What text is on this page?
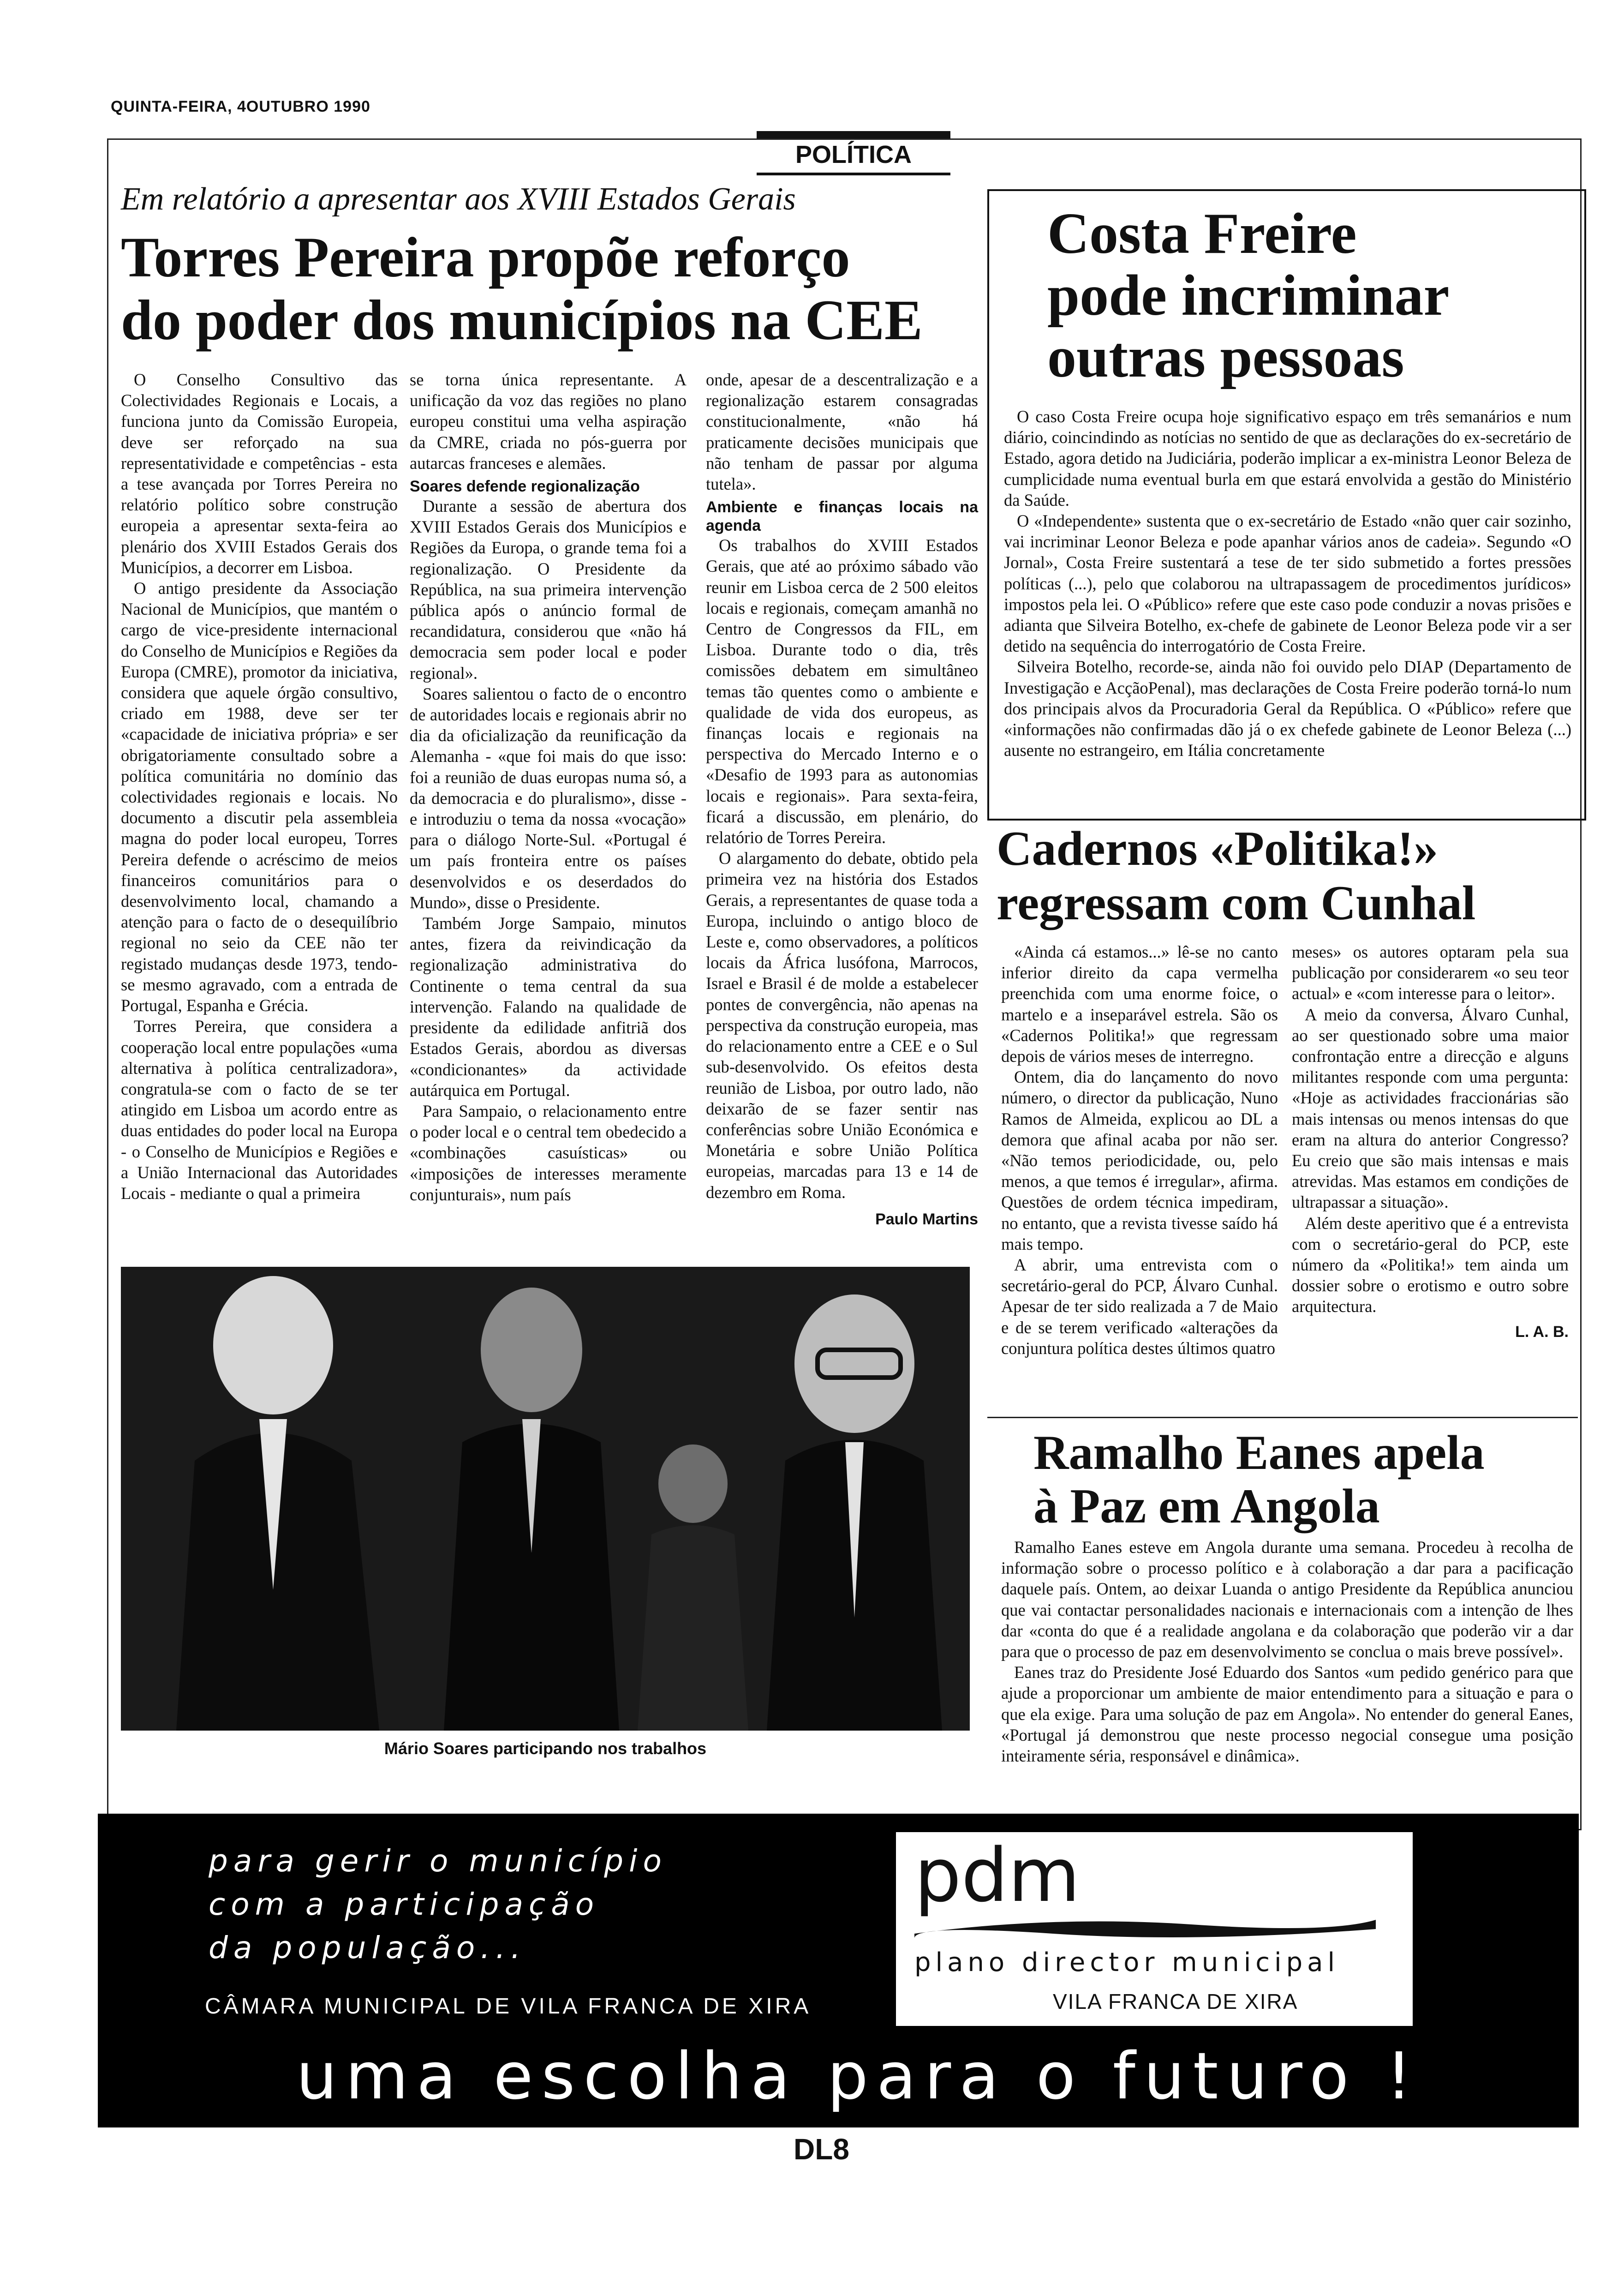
QUINTA-FEIRA, 4OUTUBRO 1990
POLÍTICA
Em relatório a apresentar aos XVIII Estados Gerais
Torres Pereira propõe reforço
do poder dos municípios na CEE

O Conselho Consultivo das Colectividades Regionais e Locais, a funciona junto da Comissão Europeia, deve ser reforçado na sua representatividade e competências - esta a tese avançada por Torres Pereira no relatório político sobre construção europeia a apresentar sexta-feira ao plenário dos XVIII Estados Gerais dos Municípios, a decorrer em Lisboa.

O antigo presidente da Associação Nacional de Municípios, que mantém o cargo de vice-presidente internacional do Conselho de Municípios e Regiões da Europa (CMRE), promotor da iniciativa, considera que aquele órgão consultivo, criado em 1988, deve ser ter «capacidade de iniciativa própria» e ser obrigatoriamente consultado sobre a política comunitária no domínio das colectividades regionais e locais. No documento a discutir pela assembleia magna do poder local europeu, Torres Pereira defende o acréscimo de meios financeiros comunitários para o desenvolvimento local, chamando a atenção para o facto de o desequilíbrio regional no seio da CEE não ter registado mudanças desde 1973, tendo-se mesmo agravado, com a entrada de Portugal, Espanha e Grécia.

Torres Pereira, que considera a cooperação local entre populações «uma alternativa à política centralizadora», congratula-se com o facto de se ter atingido em Lisboa um acordo entre as duas entidades do poder local na Europa - o Conselho de Municípios e Regiões e a União Internacional das Autoridades Locais - mediante o qual a primeira

se torna única representante. A unificação da voz das regiões no plano europeu constitui uma velha aspiração da CMRE, criada no pós-guerra por autarcas franceses e alemães.

Soares defende regionalização

Durante a sessão de abertura dos XVIII Estados Gerais dos Municípios e Regiões da Europa, o grande tema foi a regionalização. O Presidente da República, na sua primeira intervenção pública após o anúncio formal de recandidatura, considerou que «não há democracia sem poder local e poder regional».

Soares salientou o facto de o encontro de autoridades locais e regionais abrir no dia da oficialização da reunificação da Alemanha - «que foi mais do que isso: foi a reunião de duas europas numa só, a da democracia e do pluralismo», disse - e introduziu o tema da nossa «vocação» para o diálogo Norte-Sul. «Portugal é um país fronteira entre os países desenvolvidos e os deserdados do Mundo», disse o Presidente.

Também Jorge Sampaio, minutos antes, fizera da reivindicação da regionalização administrativa do Continente o tema central da sua intervenção. Falando na qualidade de presidente da edilidade anfitriã dos Estados Gerais, abordou as diversas «condicionantes» da actividade autárquica em Portugal.

Para Sampaio, o relacionamento entre o poder local e o central tem obedecido a «combinações casuísticas» ou «imposições de interesses meramente conjunturais», num país

onde, apesar de a descentralização e a regionalização estarem consagradas constitucionalmente, «não há praticamente decisões municipais que não tenham de passar por alguma tutela».

Ambiente e finanças locais na agenda

Os trabalhos do XVIII Estados Gerais, que até ao próximo sábado vão reunir em Lisboa cerca de 2 500 eleitos locais e regionais, começam amanhã no Centro de Congressos da FIL, em Lisboa. Durante todo o dia, três comissões debatem em simultâneo temas tão quentes como o ambiente e qualidade de vida dos europeus, as finanças locais e regionais na perspectiva do Mercado Interno e o «Desafio de 1993 para as autonomias locais e regionais». Para sexta-feira, ficará a discussão, em plenário, do relatório de Torres Pereira.

O alargamento do debate, obtido pela primeira vez na história dos Estados Gerais, a representantes de quase toda a Europa, incluindo o antigo bloco de Leste e, como observadores, a políticos locais da África lusófona, Marrocos, Israel e Brasil é de molde a estabelecer pontes de convergência, não apenas na perspectiva da construção europeia, mas do relacionamento entre a CEE e o Sul sub-desenvolvido. Os efeitos desta reunião de Lisboa, por outro lado, não deixarão de se fazer sentir nas conferências sobre União Económica e Monetária e sobre União Política europeias, marcadas para 13 e 14 de dezembro em Roma.

Paulo Martins
Mário Soares participando nos trabalhos
Costa Freire
pode incriminar
outras pessoas

O caso Costa Freire ocupa hoje significativo espaço em três semanários e num diário, coincindindo as notícias no sentido de que as declarações do ex-secretário de Estado, agora detido na Judiciária, poderão implicar a ex-ministra Leonor Beleza de cumplicidade numa eventual burla em que estará envolvida a gestão do Ministério da Saúde.

O «Independente» sustenta que o ex-secretário de Estado «não quer cair sozinho, vai incriminar Leonor Beleza e pode apanhar vários anos de cadeia». Segundo «O Jornal», Costa Freire sustentará a tese de ter sido submetido a fortes pressões políticas (...), pelo que colaborou na ultrapassagem de procedimentos jurídicos» impostos pela lei. O «Público» refere que este caso pode conduzir a novas prisões e adianta que Silveira Botelho, ex-chefe de gabinete de Leonor Beleza pode vir a ser detido na sequência do interrogatório de Costa Freire.

Silveira Botelho, recorde-se, ainda não foi ouvido pelo DIAP (Departamento de Investigação e AcçãoPenal), mas declarações de Costa Freire poderão torná-lo num dos principais alvos da Procuradoria Geral da República. O «Público» refere que «informações não confirmadas dão já o ex chefede gabinete de Leonor Beleza (...) ausente no estrangeiro, em Itália concretamente

Cadernos «Politika!»
regressam com Cunhal

«Ainda cá estamos...» lê-se no canto inferior direito da capa vermelha preenchida com uma enorme foice, o martelo e a inseparável estrela. São os «Cadernos Politika!» que regressam depois de vários meses de interregno.

Ontem, dia do lançamento do novo número, o director da publicação, Nuno Ramos de Almeida, explicou ao DL a demora que afinal acaba por não ser. «Não temos periodicidade, ou, pelo menos, a que temos é irregular», afirma. Questões de ordem técnica impediram, no entanto, que a revista tivesse saído há mais tempo.

A abrir, uma entrevista com o secretário-geral do PCP, Álvaro Cunhal. Apesar de ter sido realizada a 7 de Maio e de se terem verificado «alterações da conjuntura política destes últimos quatro

meses» os autores optaram pela sua publicação por considerarem «o seu teor actual» e «com interesse para o leitor».

A meio da conversa, Álvaro Cunhal, ao ser questionado sobre uma maior confrontação entre a direcção e alguns militantes responde com uma pergunta: «Hoje as actividades fraccionárias são mais intensas ou menos intensas do que eram na altura do anterior Congresso? Eu creio que são mais intensas e mais atrevidas. Mas estamos em condições de ultrapassar a situação».

Além deste aperitivo que é a entrevista com o secretário-geral do PCP, este número da «Politika!» tem ainda um dossier sobre o erotismo e outro sobre arquitectura.

L. A. B.
Ramalho Eanes apela
à Paz em Angola

Ramalho Eanes esteve em Angola durante uma semana. Procedeu à recolha de informação sobre o processo político e à colaboração a dar para a pacificação daquele país. Ontem, ao deixar Luanda o antigo Presidente da República anunciou que vai contactar personalidades nacionais e internacionais com a intenção de lhes dar «conta do que é a realidade angolana e da colaboração que poderão vir a dar para que o processo de paz em desenvolvimento se conclua o mais breve possível».

Eanes traz do Presidente José Eduardo dos Santos «um pedido genérico para que ajude a proporcionar um ambiente de maior entendimento para a situação e para o que ela exige. Para uma solução de paz em Angola». No entender do general Eanes, «Portugal já demonstrou que neste processo negocial consegue uma posição inteiramente séria, responsável e dinâmica».

para gerir o município
com a participação
da população...
CÂMARA MUNICIPAL DE VILA FRANCA DE XIRA
pdm
plano director municipal
VILA FRANCA DE XIRA
uma escolha para o futuro !
DL8
